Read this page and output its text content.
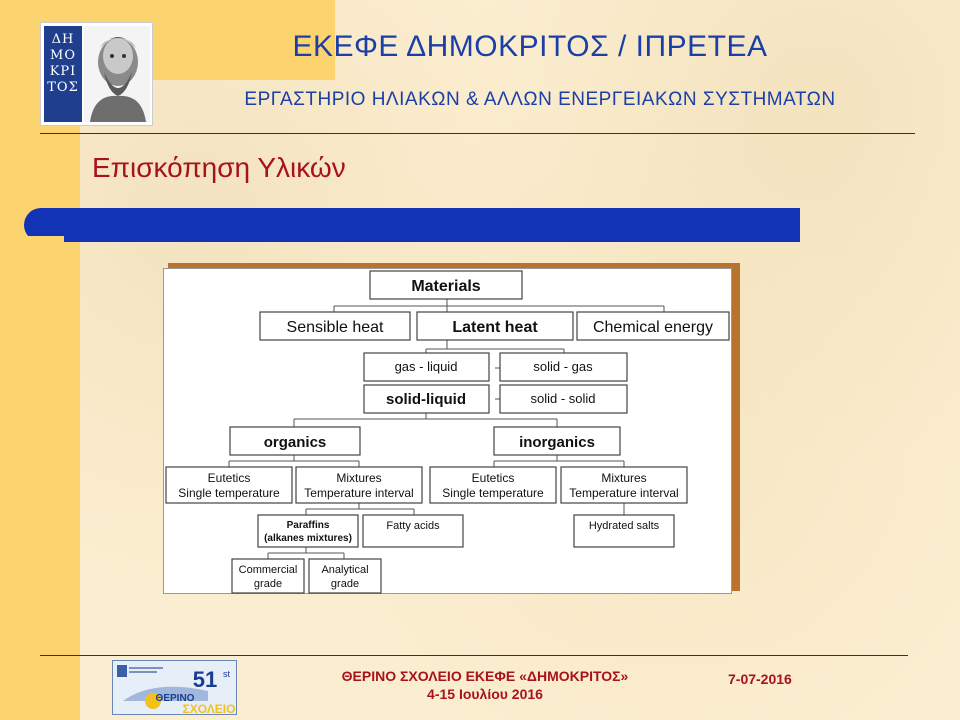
ΔΗ
ΜΟ
ΚΡΙ
ΤΟΣ
ΕΚΕΦΕ ΔΗΜΟΚΡΙΤΟΣ / ΙΠΡΕΤΕΑ
ΕΡΓΑΣΤΗΡΙΟ ΗΛΙΑΚΩΝ & ΑΛΛΩΝ ΕΝΕΡΓΕΙΑΚΩΝ ΣΥΣΤΗΜΑΤΩΝ
Επισκόπηση Υλικών
Materials
Sensible heat	Latent heat	Chemical energy
gas - liquid	solid - gas
solid-liquid	solid - solid
organics	inorganics
Eutetics
Single temperature
Mixtures
Temperature interval
Eutetics
Single temperature
Mixtures
Temperature interval
Paraffins
(alkanes mixtures)
Fatty acids	Hydrated salts
Commercial
grade
Analytical
grade
51 st
ΘΕΡΙΝΟ
ΣΧΟΛΕΙΟ
ΘΕΡΙΝΟ ΣΧΟΛΕΙΟ ΕΚΕΦΕ «ΔΗΜΟΚΡΙΤΟΣ»
4-15 Ιουλίου 2016
7-07-2016
